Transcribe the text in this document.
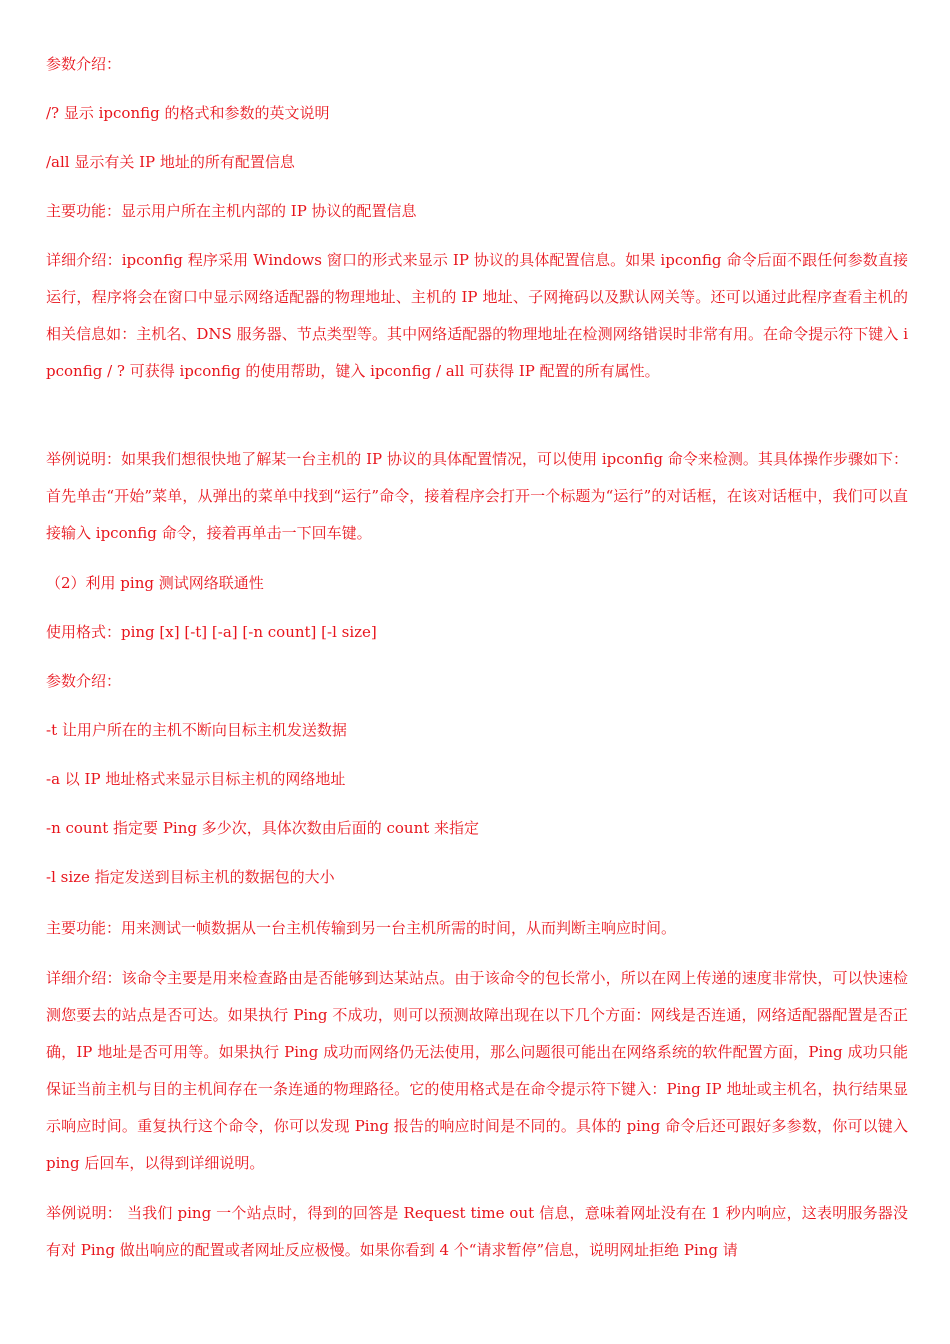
参数介绍：

/? 显示 ipconfig 的格式和参数的英文说明

/all 显示有关 IP 地址的所有配置信息

主要功能：显示用户所在主机内部的 IP 协议的配置信息

详细介绍：ipconfig 程序采用 Windows 窗口的形式来显示 IP 协议的具体配置信息。如果 ipconfig 命令后面不跟任何参数直接运行，程序将会在窗口中显示网络适配器的物理地址、主机的 IP 地址、子网掩码以及默认网关等。还可以通过此程序查看主机的相关信息如：主机名、DNS 服务器、节点类型等。其中网络适配器的物理地址在检测网络错误时非常有用。在命令提示符下键入 ipconfig / ? 可获得 ipconfig 的使用帮助，键入 ipconfig / all 可获得 IP 配置的所有属性。

举例说明：如果我们想很快地了解某一台主机的 IP 协议的具体配置情况，可以使用 ipconfig 命令来检测。其具体操作步骤如下：首先单击“开始”菜单，从弹出的菜单中找到“运行”命令，接着程序会打开一个标题为“运行”的对话框，在该对话框中，我们可以直接输入 ipconfig 命令，接着再单击一下回车键。

（2）利用 ping 测试网络联通性

使用格式：ping [x] [-t] [-a] [-n count] [-l size]

参数介绍：

-t 让用户所在的主机不断向目标主机发送数据

-a 以 IP 地址格式来显示目标主机的网络地址

-n count 指定要 Ping 多少次，具体次数由后面的 count 来指定

-l size 指定发送到目标主机的数据包的大小

主要功能：用来测试一帧数据从一台主机传输到另一台主机所需的时间，从而判断主响应时间。

详细介绍：该命令主要是用来检查路由是否能够到达某站点。由于该命令的包长常小，所以在网上传递的速度非常快，可以快速检测您要去的站点是否可达。如果执行 Ping 不成功，则可以预测故障出现在以下几个方面：网线是否连通，网络适配器配置是否正确，IP 地址是否可用等。如果执行 Ping 成功而网络仍无法使用，那么问题很可能出在网络系统的软件配置方面，Ping 成功只能保证当前主机与目的主机间存在一条连通的物理路径。它的使用格式是在命令提示符下键入：Ping IP 地址或主机名，执行结果显示响应时间。重复执行这个命令，你可以发现 Ping 报告的响应时间是不同的。具体的 ping 命令后还可跟好多参数，你可以键入 ping 后回车，以得到详细说明。

举例说明： 当我们 ping 一个站点时，得到的回答是 Request time out 信息，意味着网址没有在 1 秒内响应，这表明服务器没有对 Ping 做出响应的配置或者网址反应极慢。如果你看到 4 个“请求暂停”信息，说明网址拒绝 Ping 请
